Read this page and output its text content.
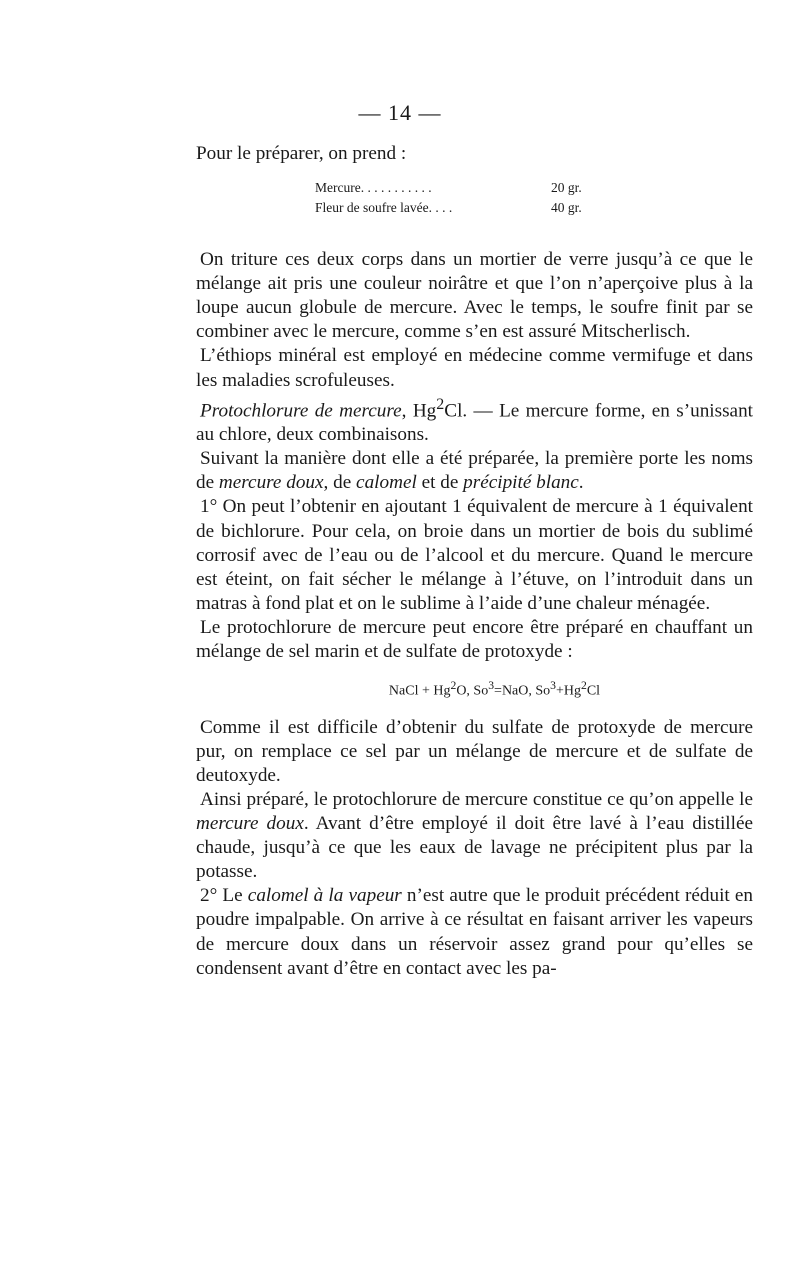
— 14 —

Pour le préparer, on prend :

Mercure. . . . . . . . . . .	20 gr.
Fleur de soufre lavée. . . .	40 gr.

On triture ces deux corps dans un mortier de verre jusqu’à ce que le mélange ait pris une couleur noirâtre et que l’on n’aperçoive plus à la loupe aucun globule de mercure. Avec le temps, le soufre finit par se combiner avec le mercure, comme s’en est assuré Mitscherlisch.

L’éthiops minéral est employé en médecine comme vermifuge et dans les maladies scrofuleuses.

Protochlorure de mercure, Hg$^2$Cl. — Le mercure forme, en s’unissant au chlore, deux combinaisons.

Suivant la manière dont elle a été préparée, la première porte les noms de mercure doux, de calomel et de précipité blanc.

1° On peut l’obtenir en ajoutant 1 équivalent de mercure à 1 équivalent de bichlorure. Pour cela, on broie dans un mortier de bois du sublimé corrosif avec de l’eau ou de l’alcool et du mercure. Quand le mercure est éteint, on fait sécher le mélange à l’étuve, on l’introduit dans un matras à fond plat et on le sublime à l’aide d’une chaleur ménagée.

Le protochlorure de mercure peut encore être préparé en chauffant un mélange de sel marin et de sulfate de protoxyde :

NaCl + $Hg^2O$, $So^3=NaO$, $So^3+Hg^2Cl$

Comme il est difficile d’obtenir du sulfate de protoxyde de mercure pur, on remplace ce sel par un mélange de mercure et de sulfate de deutoxyde.

Ainsi préparé, le protochlorure de mercure constitue ce qu’on appelle le mercure doux. Avant d’être employé il doit être lavé à l’eau distillée chaude, jusqu’à ce que les eaux de lavage ne précipitent plus par la potasse.

2° Le calomel à la vapeur n’est autre que le produit précédent réduit en poudre impalpable. On arrive à ce résultat en faisant arriver les vapeurs de mercure doux dans un réservoir assez grand pour qu’elles se condensent avant d’être en contact avec les pa-
